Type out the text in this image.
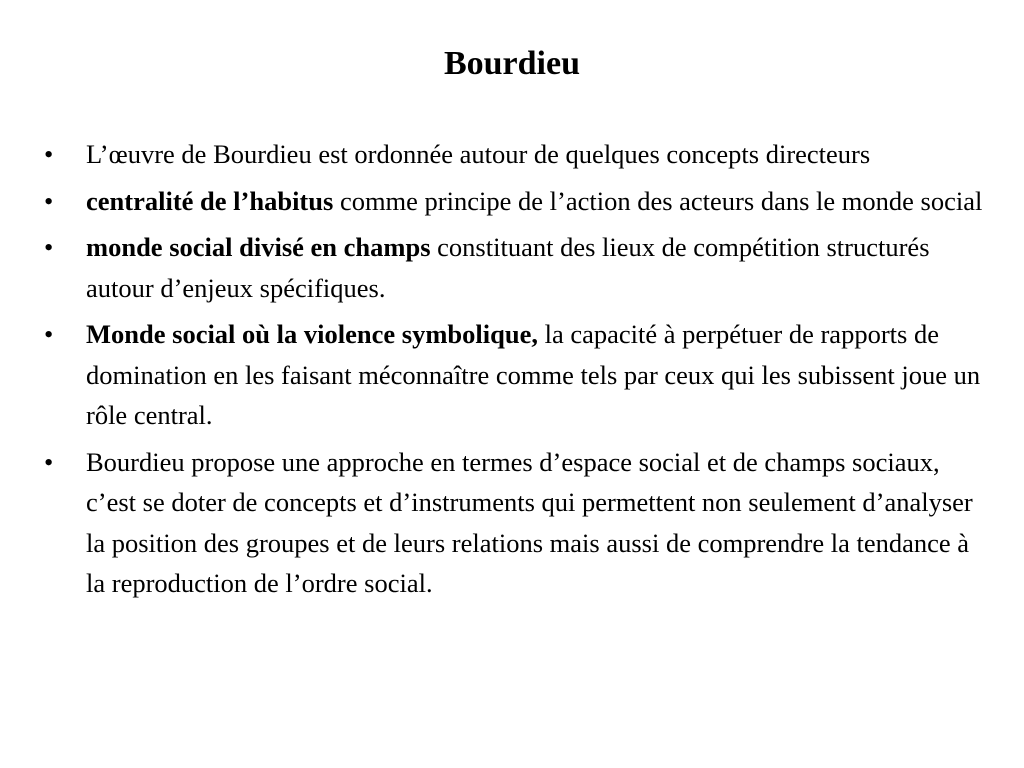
Bourdieu
•	L’œuvre de Bourdieu est ordonnée autour de quelques concepts directeurs
•	centralité de l’habitus comme principe de l’action des acteurs dans le monde social
•	monde social divisé en champs constituant des lieux de compétition structurés autour d’enjeux spécifiques.
•	Monde social où la violence symbolique, la capacité à perpétuer de rapports de domination en les faisant méconnaître comme tels par ceux qui les subissent joue un rôle central.
•	Bourdieu propose une approche en termes d’espace social et de champs sociaux, c’est se doter de concepts et d’instruments qui permettent non seulement d’analyser la position des groupes et de leurs relations mais aussi de comprendre la tendance à la reproduction de l’ordre social.
